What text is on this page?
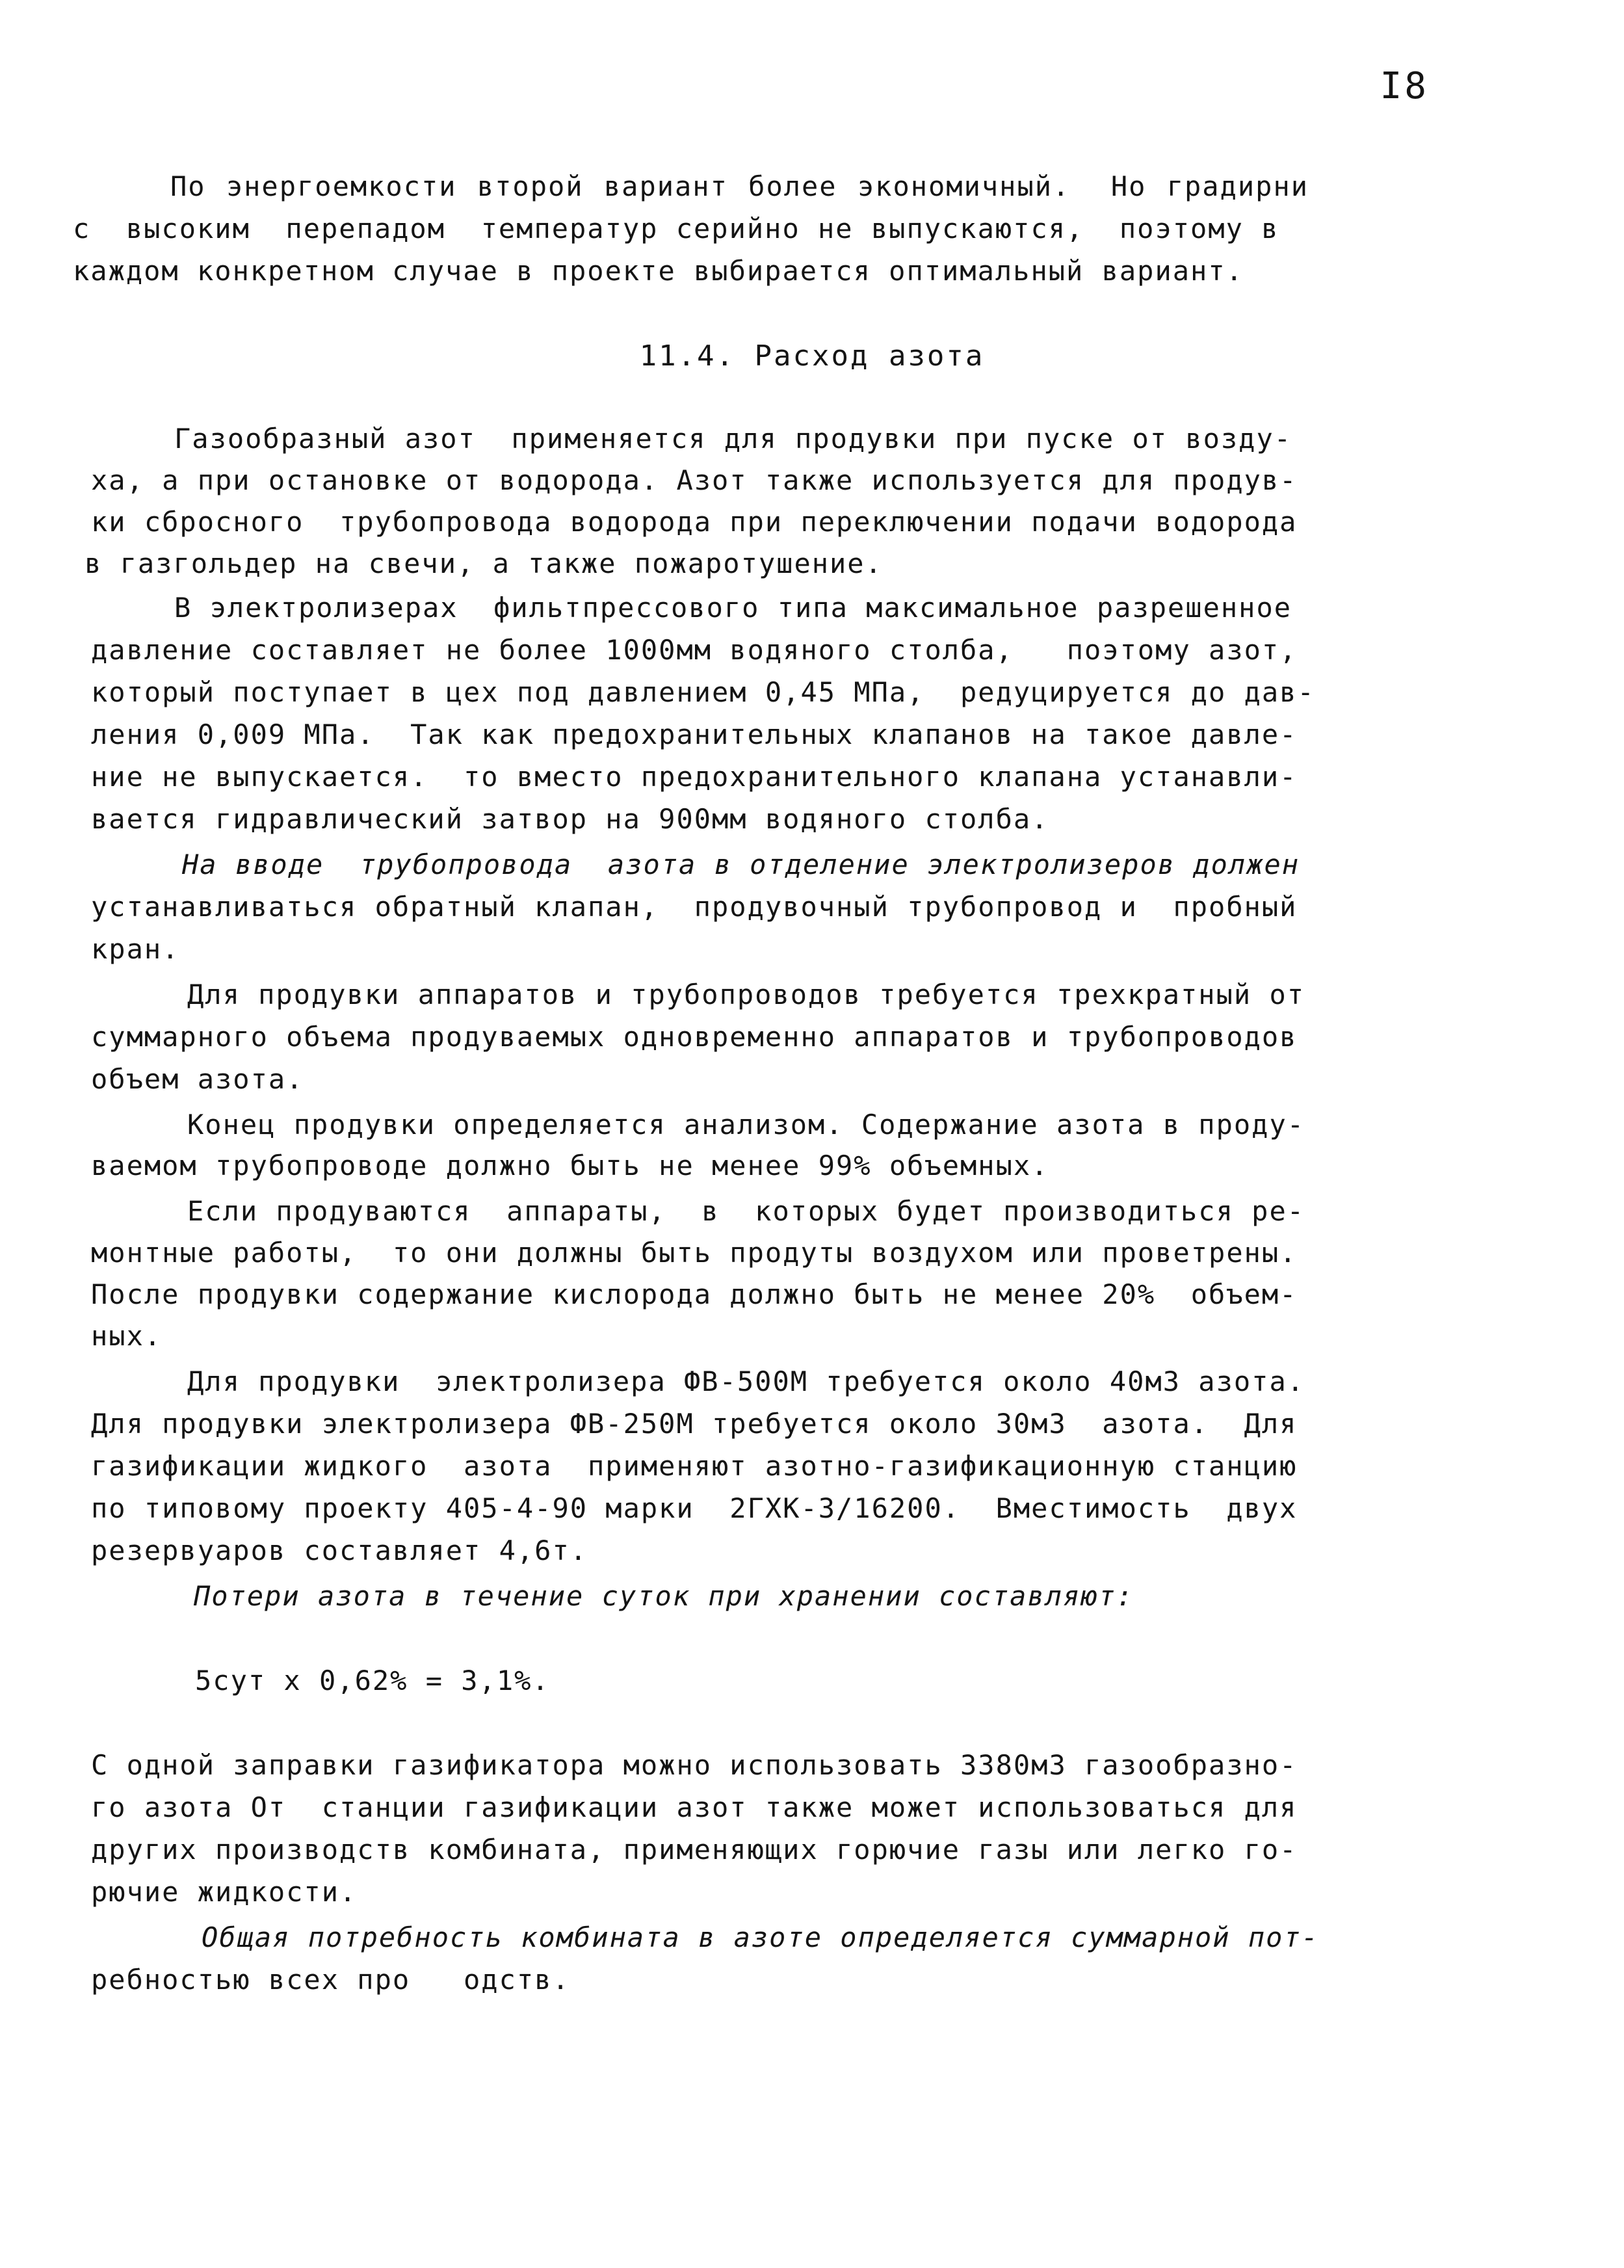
I8
По энергоемкости второй вариант более экономичный.  Но градирни
с  высоким  перепадом  температур серийно не выпускаются,  поэтому в
каждом конкретном случае в проекте выбирается оптимальный вариант.
11.4. Расход азота
Газообразный азот  применяется для продувки при пуске от возду-
ха, а при остановке от водорода. Азот также используется для продув-
ки сбросного  трубопровода водорода при переключении подачи водорода
в газгольдер на свечи, а также пожаротушение.
В электролизерах  фильтпрессового типа максимальное разрешенное
давление составляет не более 1000мм водяного столба,   поэтому азот,
который поступает в цех под давлением 0,45 МПа,  редуцируется до дав-
ления 0,009 МПа.  Так как предохранительных клапанов на такое давле-
ние не выпускается.  то вместо предохранительного клапана устанавли-
вается гидравлический затвор на 900мм водяного столба.
На вводе  трубопровода  азота в отделение электролизеров должен
устанавливаться обратный клапан,  продувочный трубопровод и  пробный
кран.
Для продувки аппаратов и трубопроводов требуется трехкратный от
суммарного объема продуваемых одновременно аппаратов и трубопроводов
объем азота.
Конец продувки определяется анализом. Содержание азота в проду-
ваемом трубопроводе должно быть не менее 99% объемных.
Если продуваются  аппараты,  в  которых будет производиться ре-
монтные работы,  то они должны быть продуты воздухом или проветрены.
После продувки содержание кислорода должно быть не менее 20%  объем-
ных.
Для продувки  электролизера ФВ-500М требуется около 40м3 азота.
Для продувки электролизера ФВ-250М требуется около 30м3  азота.  Для
газификации жидкого  азота  применяют азотно-газификационную станцию
по типовому проекту 405-4-90 марки  2ГХК-3/16200.  Вместимость  двух
резервуаров составляет 4,6т.
Потери азота в течение суток при хранении составляют:
5сут x 0,62% = 3,1%.
С одной заправки газификатора можно использовать 3380м3 газообразно-
го азота От  станции газификации азот также может использоваться для
других производств комбината, применяющих горючие газы или легко го-
рючие жидкости.
Общая потребность комбината в азоте определяется суммарной пот-
ребностью всех про   одств.
